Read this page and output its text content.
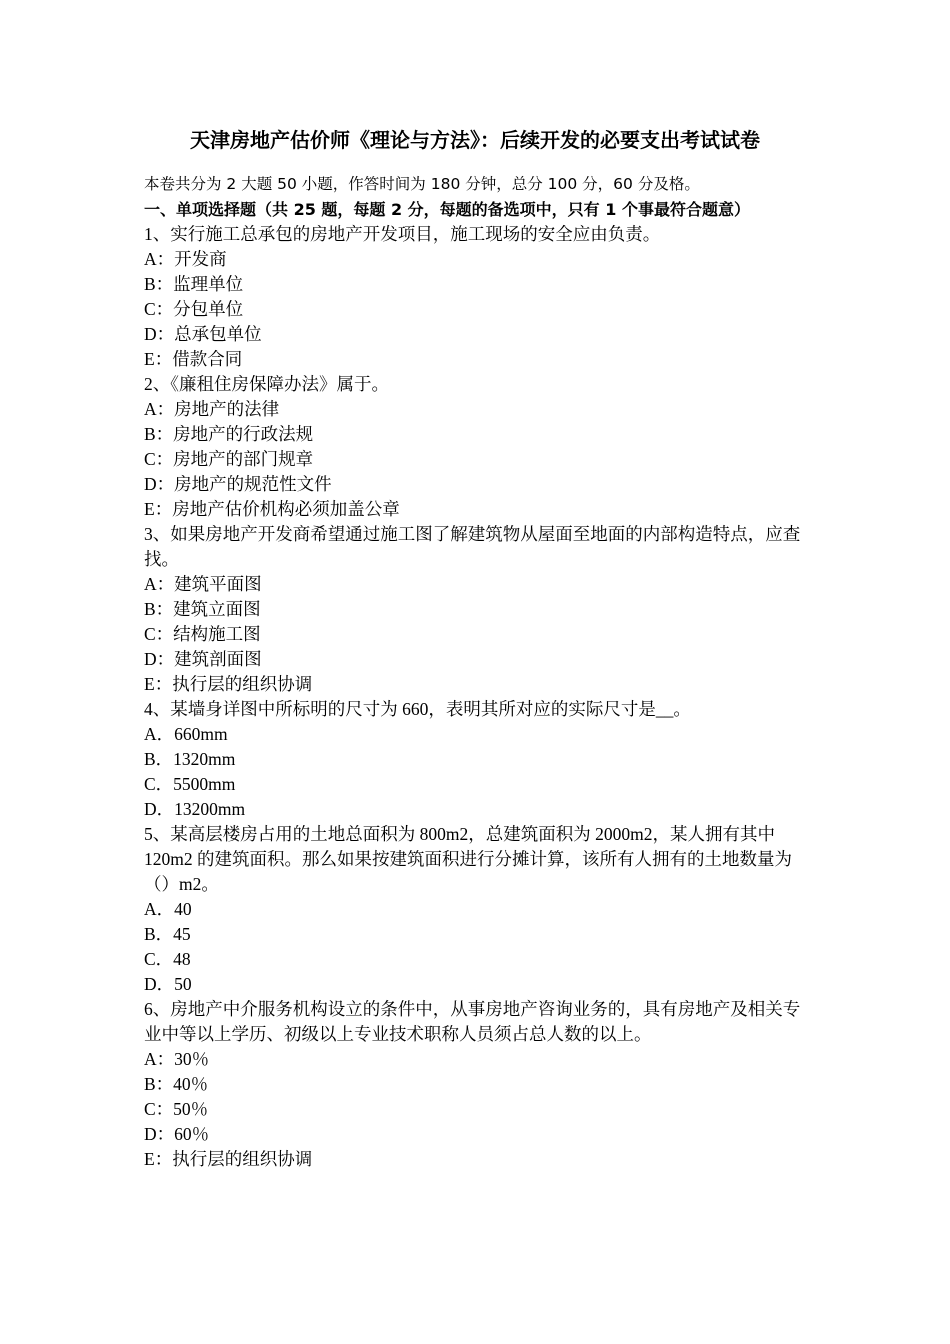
天津房地产估价师《理论与方法》：后续开发的必要支出考试试卷

本卷共分为 2 大题 50 小题，作答时间为 180 分钟，总分 100 分，60 分及格。

一、单项选择题（共 25 题，每题 2 分，每题的备选项中，只有 1 个事最符合题意）

1、实行施工总承包的房地产开发项目，施工现场的安全应由负责。

A：开发商

B：监理单位

C：分包单位

D：总承包单位

E：借款合同

2、《廉租住房保障办法》属于。

A：房地产的法律

B：房地产的行政法规

C：房地产的部门规章

D：房地产的规范性文件

E：房地产估价机构必须加盖公章

3、如果房地产开发商希望通过施工图了解建筑物从屋面至地面的内部构造特点，应查找。

A：建筑平面图

B：建筑立面图

C：结构施工图

D：建筑剖面图

E：执行层的组织协调

4、某墙身详图中所标明的尺寸为 660，表明其所对应的实际尺寸是__。

A．660mm

B．1320mm

C．5500mm

D．13200mm

5、某高层楼房占用的土地总面积为 800m2，总建筑面积为 2000m2，某人拥有其中 120m2 的建筑面积。那么如果按建筑面积进行分摊计算，该所有人拥有的土地数量为（）m2。

A．40

B．45

C．48

D．50

6、房地产中介服务机构设立的条件中，从事房地产咨询业务的，具有房地产及相关专业中等以上学历、初级以上专业技术职称人员须占总人数的以上。

A：30％

B：40％

C：50％

D：60％

E：执行层的组织协调
